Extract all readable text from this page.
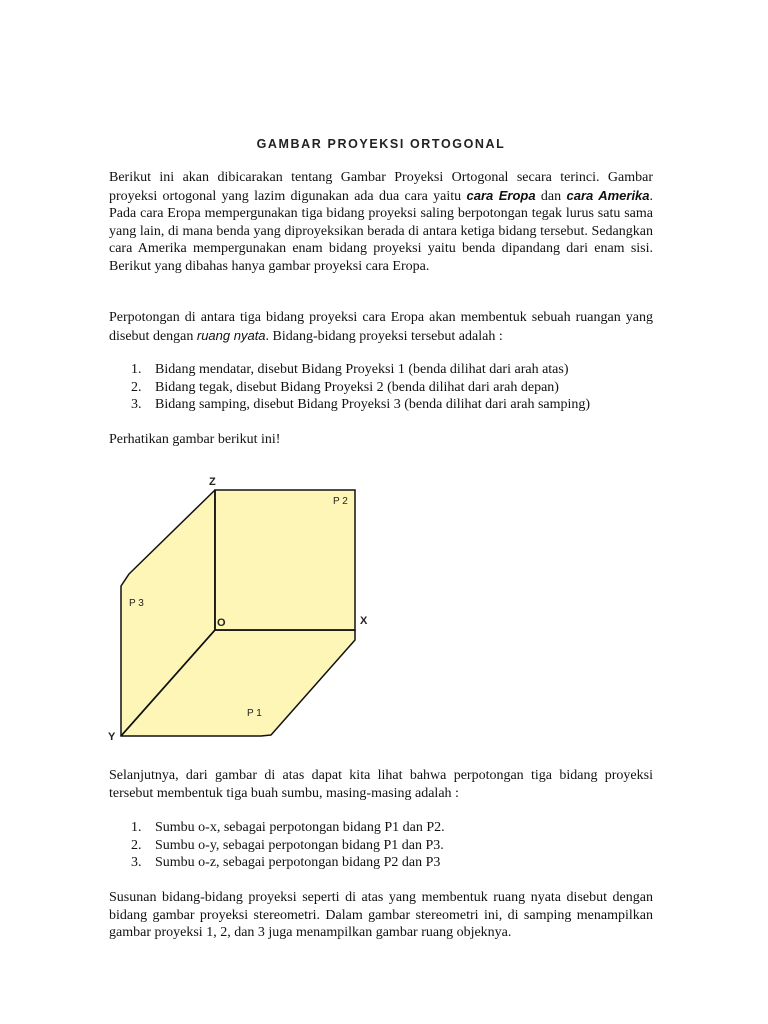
GAMBAR PROYEKSI ORTOGONAL

Berikut ini akan dibicarakan tentang Gambar Proyeksi Ortogonal secara terinci. Gambar proyeksi ortogonal yang lazim digunakan ada dua cara yaitu cara Eropa dan cara Amerika. Pada cara Eropa mempergunakan tiga bidang proyeksi saling berpotongan tegak lurus satu sama yang lain, di mana benda yang diproyeksikan berada di antara ketiga bidang tersebut. Sedangkan cara Amerika mempergunakan enam bidang proyeksi yaitu benda dipandang dari enam sisi. Berikut yang dibahas hanya gambar proyeksi cara Eropa.

Perpotongan di antara tiga bidang proyeksi cara Eropa akan membentuk sebuah ruangan yang disebut dengan ruang nyata. Bidang-bidang proyeksi tersebut adalah :

1. Bidang mendatar, disebut Bidang Proyeksi 1 (benda dilihat dari arah atas)
2. Bidang tegak, disebut Bidang Proyeksi 2 (benda dilihat dari arah depan)
3. Bidang samping, disebut Bidang Proyeksi 3 (benda dilihat dari arah samping)

Perhatikan gambar berikut ini!

Selanjutnya, dari gambar di atas dapat kita lihat bahwa perpotongan tiga bidang proyeksi tersebut membentuk tiga buah sumbu, masing-masing adalah :

1. Sumbu o-x, sebagai perpotongan bidang P1 dan P2.
2. Sumbu o-y, sebagai perpotongan bidang P1 dan P3.
3. Sumbu o-z, sebagai perpotongan bidang P2 dan P3

Susunan bidang-bidang proyeksi seperti di atas yang membentuk ruang nyata disebut dengan bidang gambar proyeksi stereometri. Dalam gambar stereometri ini, di samping menampilkan gambar proyeksi 1, 2, dan 3 juga menampilkan gambar ruang objeknya.

Z
X
Y
O
P 2
P 3
P 1
